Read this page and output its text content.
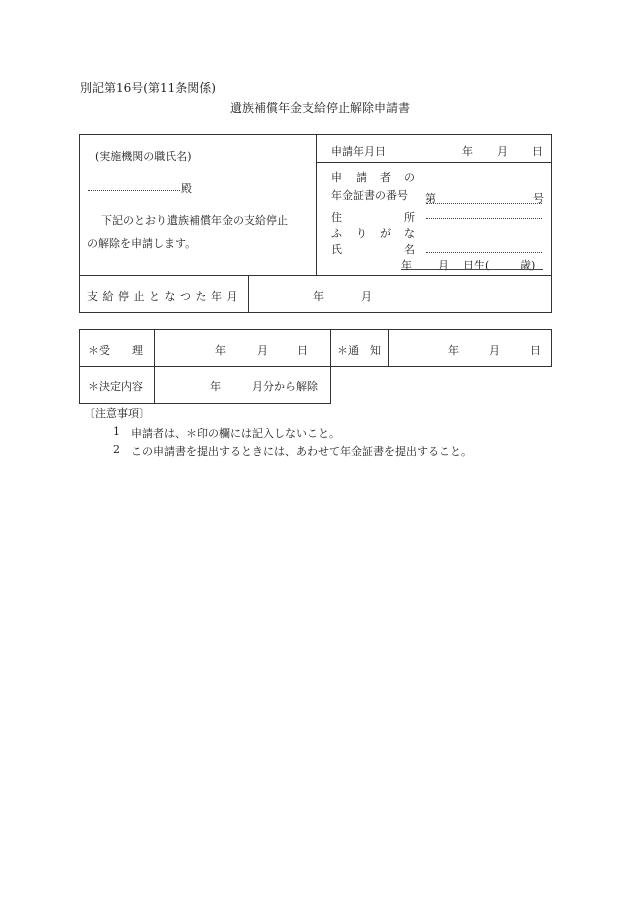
別記第16号(第11条関係)
遺族補償年金支給停止解除申請書
(実施機関の職氏名)
殿
下記のとおり遺族補償年金の支給停止
の解除を申請します。
申請年月日	年 月 日
申 請 者 の
年金証書の番号 第	号
住	所
ふ り が な
氏	名
年 月 日生(	歳)
支 給 停 止 と な つ た 年 月	年	月
＊受　　理	年	月	日	＊通　知	年	月	日
＊決定内容	年	月分から解除
〔注意事項〕
1 申請者は、＊印の欄には記入しないこと。
2 この申請書を提出するときには、あわせて年金証書を提出すること。
